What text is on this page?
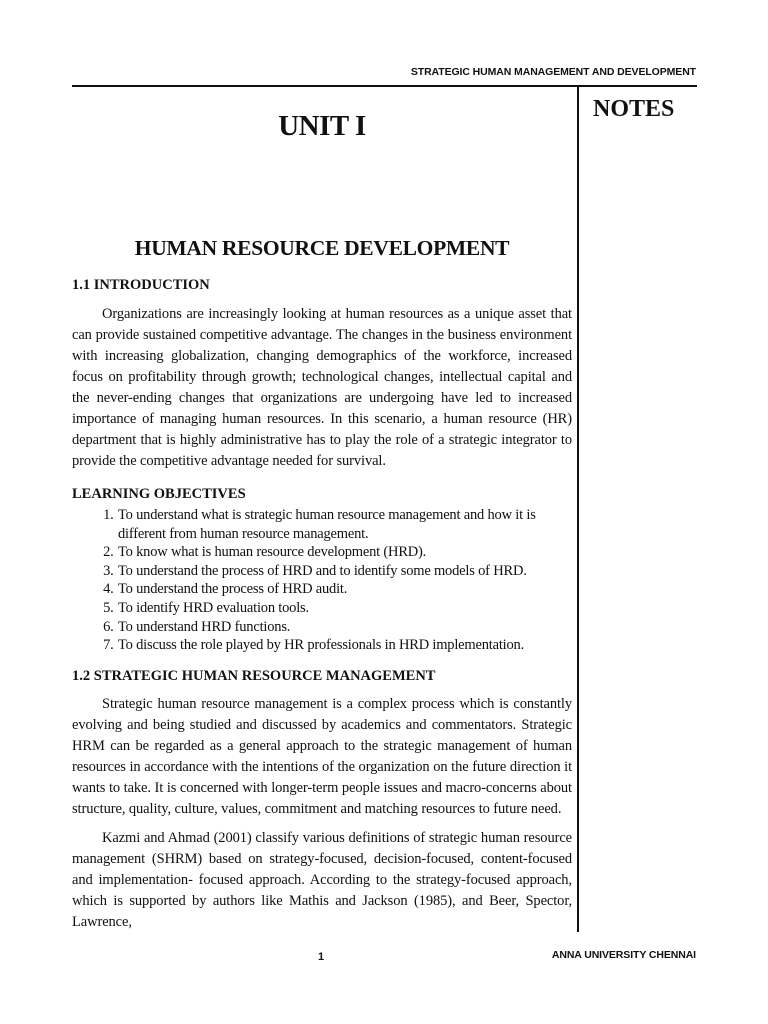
STRATEGIC HUMAN MANAGEMENT AND DEVELOPMENT
NOTES
UNIT I
HUMAN RESOURCE DEVELOPMENT
1.1 INTRODUCTION

Organizations are increasingly looking at human resources as a unique asset that can provide sustained competitive advantage. The changes in the business environment with increasing globalization, changing demographics of the workforce, increased focus on profitability through growth; technological changes, intellectual capital and the never-ending changes that organizations are undergoing have led to increased importance of managing human resources. In this scenario, a human resource (HR) department that is highly administrative has to play the role of a strategic integrator to provide the competitive advantage needed for survival.

LEARNING OBJECTIVES
1. To understand what is strategic human resource management and how it is different from human resource management.
2. To know what is human resource development (HRD).
3. To understand the process of HRD and to identify some models of HRD.
4. To understand the process of HRD audit.
5. To identify HRD evaluation tools.
6. To understand HRD functions.
7. To discuss the role played by HR professionals in HRD implementation.
1.2 STRATEGIC HUMAN RESOURCE MANAGEMENT

Strategic human resource management is a complex process which is constantly evolving and being studied and discussed by academics and commentators. Strategic HRM can be regarded as a general approach to the strategic management of human resources in accordance with the intentions of the organization on the future direction it wants to take. It is concerned with longer-term people issues and macro-concerns about structure, quality, culture, values, commitment and matching resources to future need.

Kazmi and Ahmad (2001) classify various definitions of strategic human resource management (SHRM) based on strategy-focused, decision-focused, content-focused and implementation- focused approach. According to the strategy-focused approach, which is supported by authors like Mathis and Jackson (1985), and Beer, Spector, Lawrence,

1	ANNA UNIVERSITY CHENNAI
